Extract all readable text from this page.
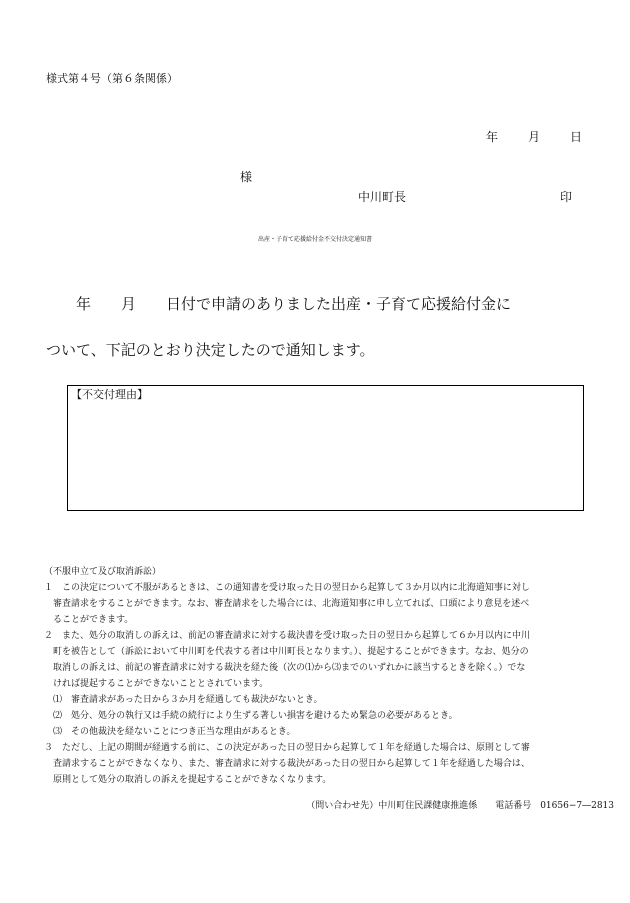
様式第４号（第６条関係）
年	月	日
様
中川町長	印
出産・子育て応援給付金不交付決定通知書
　　年　　月　　日付で申請のありました出産・子育て応援給付金に
ついて、下記のとおり決定したので通知します。
【不交付理由】
（不服申立て及び取消訴訟）
１　この決定について不服があるときは、この通知書を受け取った日の翌日から起算して３か月以内に北海道知事に対し
　審査請求をすることができます。なお、審査請求をした場合には、北海道知事に申し立てれば、口頭により意見を述べ
　ることができます。
２　また、処分の取消しの訴えは、前記の審査請求に対する裁決書を受け取った日の翌日から起算して６か月以内に中川
　町を被告として（訴訟において中川町を代表する者は中川町長となります。）、提起することができます。なお、処分の
　取消しの訴えは、前記の審査請求に対する裁決を経た後（次の⑴から⑶までのいずれかに該当するときを除く。）でな
　ければ提起することができないこととされています。
　⑴　審査請求があった日から３か月を経過しても裁決がないとき。
　⑵　処分、処分の執行又は手続の続行により生ずる著しい損害を避けるため緊急の必要があるとき。
　⑶　その他裁決を経ないことにつき正当な理由があるとき。
３　ただし、上記の期間が経過する前に、この決定があった日の翌日から起算して１年を経過した場合は、原則として審
　査請求することができなくなり、また、審査請求に対する裁決があった日の翌日から起算して１年を経過した場合は、
　原則として処分の取消しの訴えを提起することができなくなります。
（問い合わせ先）中川町住民課健康推進係　　電話番号　01656−7―2813
